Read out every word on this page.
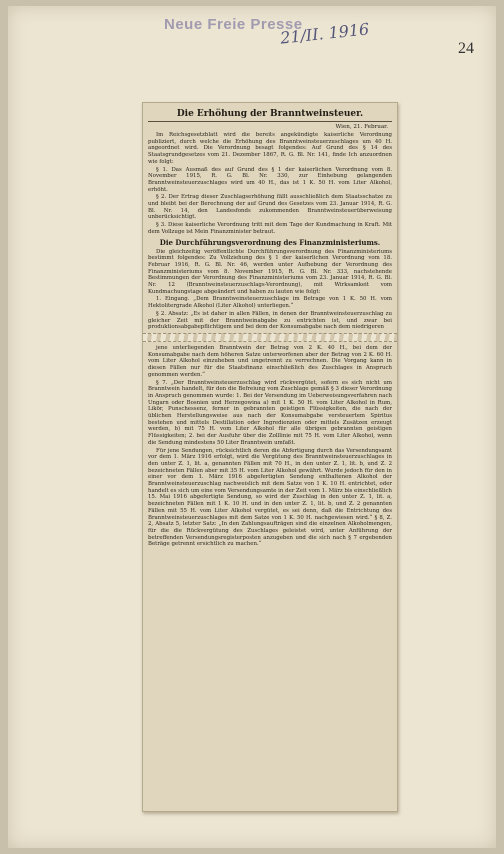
Neue Freie Presse
21/II. 1916
24
Die Erhöhung der Branntweinsteuer.
Wien, 21. Februar.

Im Reichsgesetzblatt wird die bereits angekündigte kaiserliche Verordnung publiziert, durch welche die Erhöhung des Branntweinsteuerzuschlages um 40 H. angeordnet wird. Die Verordnung besagt folgendes: Auf Grund des § 14 des Staatsgrundgesetzes vom 21. Dezember 1867, R. G. Bl. Nr. 141, finde Ich anzuordnen wie folgt:

§ 1. Das Ausmaß des auf Grund des § 1 der kaiserlichen Verordnung vom 8. November 1915, R. G. Bl. Nr. 330, zur Einhebung gelangenden Branntweinsteuerzuschlages wird um 40 H., das ist 1 K. 50 H. vom Liter Alkohol, erhöht.

§ 2. Der Ertrag dieser Zuschlagserhöhung fällt ausschließlich dem Staatsschatze zu und bleibt bei der Berechnung der auf Grund des Gesetzes vom 23. Januar 1914, R. G. Bl. Nr. 14, den Landesfonds zukommenden Branntweinsteuerüberweisung unberücksichtigt.

§ 3. Diese kaiserliche Verordnung tritt mit dem Tage der Kundmachung in Kraft. Mit dem Vollzuge ist Mein Finanzminister betraut.

Die Durchführungsverordnung des Finanzministeriums.

Die gleichzeitig veröffentlichte Durchführungsverordnung des Finanzministeriums bestimmt folgendes: Zu Vollziehung des § 1 der kaiserlichen Verordnung vom 18. Februar 1916, R. G. Bl. Nr. 46, werden unter Aufhebung der Verordnung des Finanzministeriums vom 8. November 1915, R. G. Bl. Nr. 333, nachstehende Bestimmungen der Verordnung des Finanzministeriums vom 23. Januar 1914, R. G. Bl. Nr. 12 (Branntweinsteuerzuschlags-Verordnung), mit Wirksamkeit vom Kundmachungstage abgeändert und haben zu lauten wie folgt:

1. Eingang. „Dem Branntweinsteuerzuschlage im Betrage von 1 K. 50 H. vom Hektolitergrade Alkohol (Liter Alkohol) unterliegen.“

§ 2. Absatz: „Es ist daher in allen Fällen, in denen der Branntweinsteuerzuschlag zu gleicher Zeit mit der Branntweinabgabe zu entrichten ist, und zwar bei produktionsabgabepflichtigem und bei dem der Konsumabgabe nach dem niedrigeren

jene unterliegenden Branntwein der Betrag von 2 K. 40 H., bei dem der Konsumabgabe nach dem höheren Satze unterworfenen aber der Betrag von 2 K. 60 H. vom Liter Alkohol einzuheben und ungetrennt zu verrechnen. Die Vorgang kann in diesen Fällen nur für die Staatsfinanz einschließlich des Zuschlages in Anspruch genommen werden.“

§ 7. „Der Branntweinsteuerzuschlag wird rückvergütet, sofern es sich nicht um Branntwein handelt, für den die Befreiung vom Zuschlage gemäß § 3 dieser Verordnung in Anspruch genommen wurde: 1. Bei der Versendung im Ueberweisungsverfahren nach Ungarn oder Bosnien und Herzegowina a) mit 1 K. 50 H. vom Liter Alkohol in Rum, Likör, Punschessenz, ferner in gebrannten geistigen Flüssigkeiten, die nach der üblichen Herstellungsweise aus nach der Konsumabgabe versteuertem Spiritus bestehen und mittels Destillation oder Ingredienzien oder mittels Zusätzen erzeugt werden, b) mit 75 H. vom Liter Alkohol für alle übrigen gebrannten geistigen Flüssigkeiten; 2. bei der Ausfuhr über die Zolllinie mit 75 H. vom Liter Alkohol, wenn die Sendung mindestens 50 Liter Branntwein umfaßt.

Für jene Sendungen, rücksichtlich deren die Abfertigung durch das Versendungsamt vor dem 1. März 1916 erfolgt, wird die Vergütung des Branntweinsteuerzuschlages in den unter Z. 1, lit. a, genannten Fällen mit 70 H., in den unter Z. 1, lit. b, und Z. 2 bezeichneten Fällen aber mit 35 H. vom Liter Alkohol gewährt. Wurde jedoch für den in einer vor dem 1. März 1916 abgefertigten Sendung enthaltenen Alkohol der Branntweinsteuerzuschlag nachweislich mit dem Satze von 1 K. 10 H. entrichtet, oder handelt es sich um eine vom Versendungsamte in der Zeit vom 1. März bis einschließlich 15. Mai 1916 abgefertigte Sendung, so wird der Zuschlag in den unter Z. 1, lit. a, bezeichneten Fällen mit 1 K. 10 H. und in den unter Z. 1, lit. b, und Z. 2 genannten Fällen mit 55 H. vom Liter Alkohol vergütet, es sei denn, daß die Entrichtung des Branntweinsteuerzuschlages mit dem Satze von 1 K. 50 H. nachgewiesen wird.“ § 8, Z. 2, Absatz 5, letzter Satz: „In den Zahlungsaufträgen sind die einzelnen Alkoholmengen, für die die Rückvergütung des Zuschlages geleistet wird, unter Anführung der betreffenden Versendungsregisterposten anzugeben und die sich nach § 7 ergebenden Beträge getrennt ersichtlich zu machen.“
